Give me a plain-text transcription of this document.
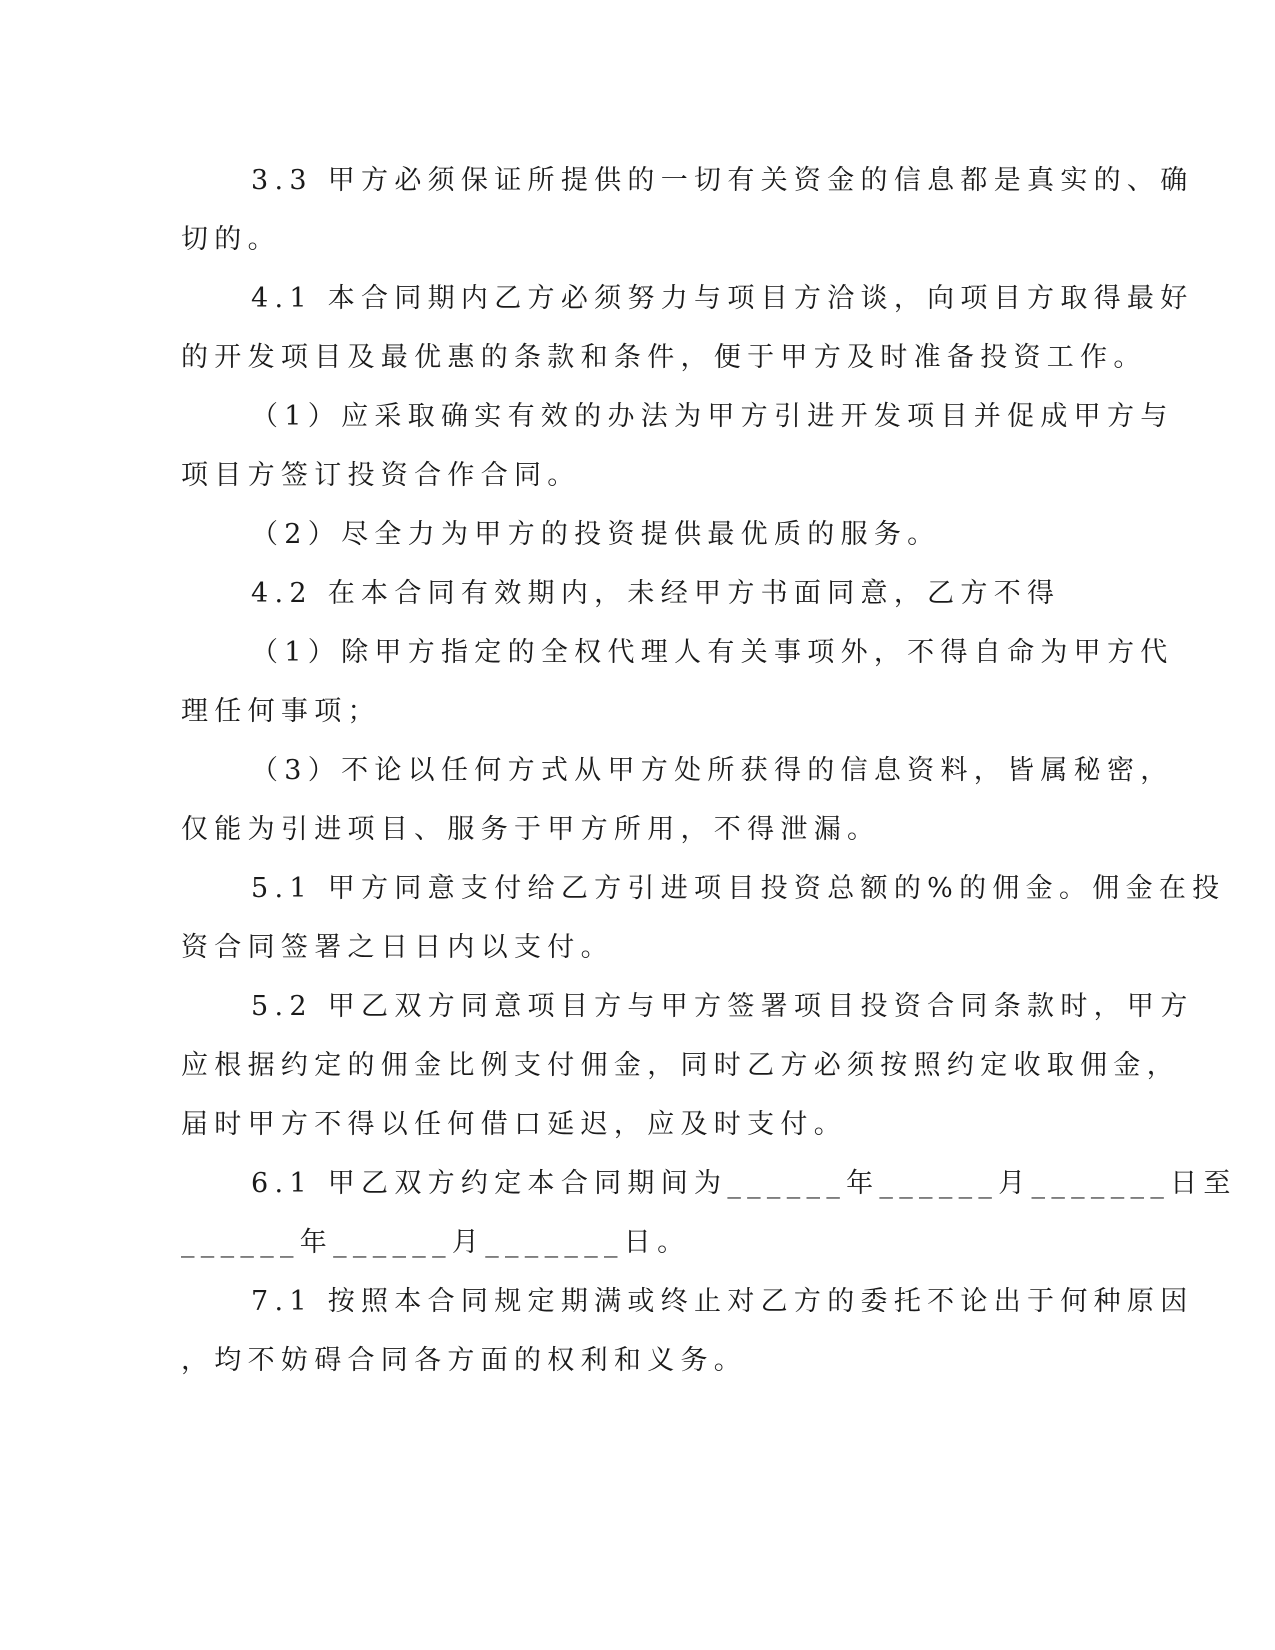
3.3 甲方必须保证所提供的一切有关资金的信息都是真实的、确
切的。
4.1 本合同期内乙方必须努力与项目方洽谈，向项目方取得最好
的开发项目及最优惠的条款和条件，便于甲方及时准备投资工作。
（1）应采取确实有效的办法为甲方引进开发项目并促成甲方与
项目方签订投资合作合同。
（2）尽全力为甲方的投资提供最优质的服务。
4.2 在本合同有效期内，未经甲方书面同意，乙方不得
（1）除甲方指定的全权代理人有关事项外，不得自命为甲方代
理任何事项；
（3）不论以任何方式从甲方处所获得的信息资料，皆属秘密，
仅能为引进项目、服务于甲方所用，不得泄漏。
5.1 甲方同意支付给乙方引进项目投资总额的%的佣金。佣金在投
资合同签署之日日内以支付。
5.2 甲乙双方同意项目方与甲方签署项目投资合同条款时，甲方
应根据约定的佣金比例支付佣金，同时乙方必须按照约定收取佣金，
届时甲方不得以任何借口延迟，应及时支付。
6.1 甲乙双方约定本合同期间为______年______月_______日至
______年______月_______日。
7.1 按照本合同规定期满或终止对乙方的委托不论出于何种原因
，均不妨碍合同各方面的权利和义务。
